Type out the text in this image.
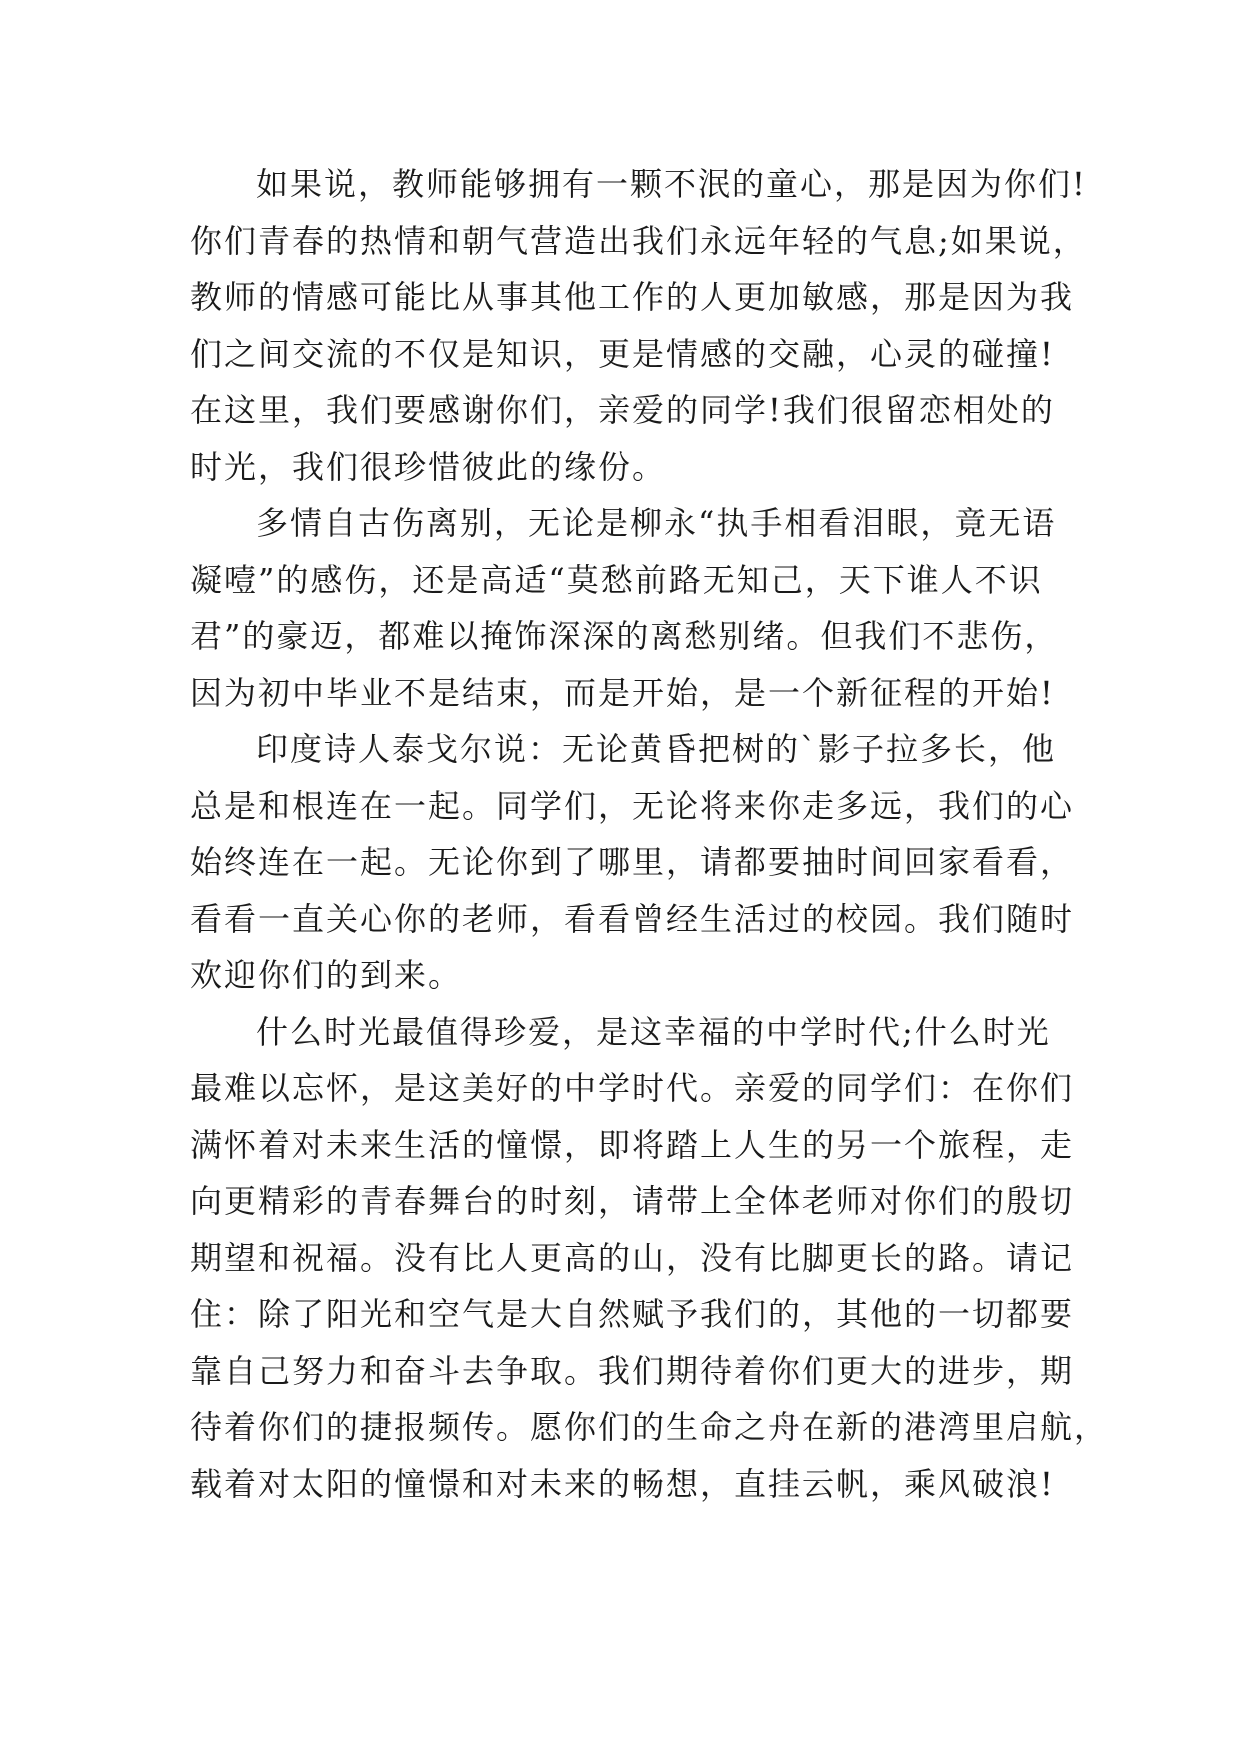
如果说，教师能够拥有一颗不泯的童心，那是因为你们!
你们青春的热情和朝气营造出我们永远年轻的气息;如果说，
教师的情感可能比从事其他工作的人更加敏感，那是因为我
们之间交流的不仅是知识，更是情感的交融，心灵的碰撞!
在这里，我们要感谢你们，亲爱的同学!我们很留恋相处的
时光，我们很珍惜彼此的缘份。
多情自古伤离别，无论是柳永“执手相看泪眼，竟无语
凝噎”的感伤，还是高适“莫愁前路无知己，天下谁人不识
君”的豪迈，都难以掩饰深深的离愁别绪。但我们不悲伤，
因为初中毕业不是结束，而是开始，是一个新征程的开始!
印度诗人泰戈尔说：无论黄昏把树的`影子拉多长，他
总是和根连在一起。同学们，无论将来你走多远，我们的心
始终连在一起。无论你到了哪里，请都要抽时间回家看看，
看看一直关心你的老师，看看曾经生活过的校园。我们随时
欢迎你们的到来。
什么时光最值得珍爱，是这幸福的中学时代;什么时光
最难以忘怀，是这美好的中学时代。亲爱的同学们：在你们
满怀着对未来生活的憧憬，即将踏上人生的另一个旅程，走
向更精彩的青春舞台的时刻，请带上全体老师对你们的殷切
期望和祝福。没有比人更高的山，没有比脚更长的路。请记
住：除了阳光和空气是大自然赋予我们的，其他的一切都要
靠自己努力和奋斗去争取。我们期待着你们更大的进步，期
待着你们的捷报频传。愿你们的生命之舟在新的港湾里启航，
载着对太阳的憧憬和对未来的畅想，直挂云帆，乘风破浪!
